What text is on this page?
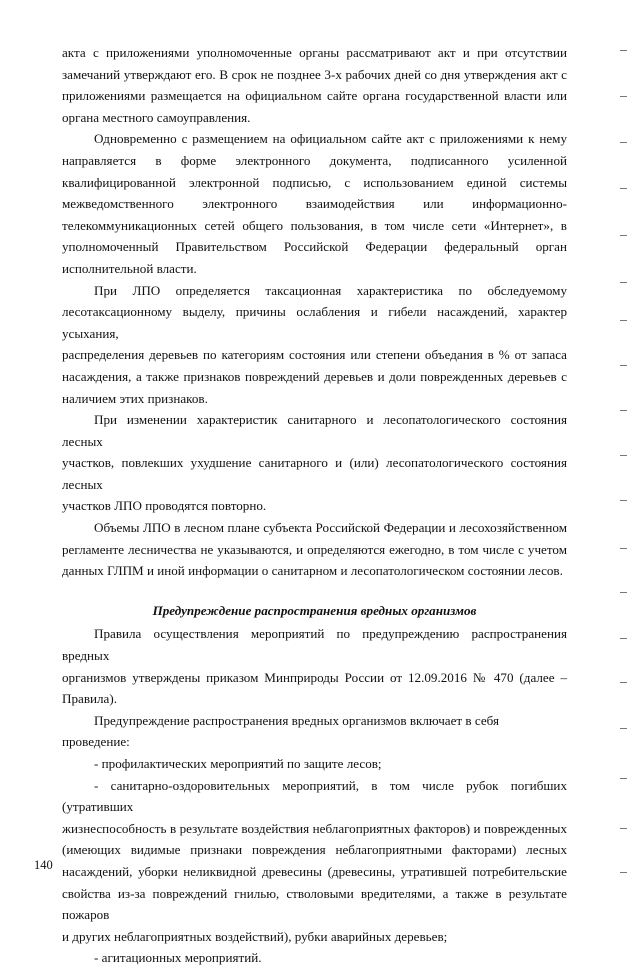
акта с приложениями уполномоченные органы рассматривают акт и при отсутствии

замечаний утверждают его. В срок не позднее 3-х рабочих дней со дня утверждения акт с

приложениями размещается на официальном сайте органа государственной власти или

органа местного самоуправления.

Одновременно с размещением на официальном сайте акт с приложениями к нему

направляется в форме электронного документа, подписанного усиленной

квалифицированной электронной подписью, с использованием единой системы

межведомственного электронного взаимодействия или информационно-

телекоммуникационных сетей общего пользования, в том числе сети «Интернет», в

уполномоченный Правительством Российской Федерации федеральный орган

исполнительной власти.

При ЛПО определяется таксационная характеристика по обследуемому

лесотаксационному выделу, причины ослабления и гибели насаждений, характер усыхания,

распределения деревьев по категориям состояния или степени объедания в % от запаса

насаждения, а также признаков повреждений деревьев и доли поврежденных деревьев с

наличием этих признаков.

При изменении характеристик санитарного и лесопатологического состояния лесных

участков, повлекших ухудшение санитарного и (или) лесопатологического состояния лесных

участков ЛПО проводятся повторно.

Объемы ЛПО в лесном плане субъекта Российской Федерации и лесохозяйственном

регламенте лесничества не указываются, и определяются ежегодно, в том числе с учетом

данных ГЛПМ и иной информации о санитарном и лесопатологическом состоянии лесов.

Предупреждение распространения вредных организмов

Правила осуществления мероприятий по предупреждению распространения вредных

организмов утверждены приказом Минприроды России от 12.09.2016 № 470 (далее –

Правила).

Предупреждение распространения вредных организмов включает в себя проведение:

- профилактических мероприятий по защите лесов;

- санитарно-оздоровительных мероприятий, в том числе рубок погибших (утративших

жизнеспособность в результате воздействия неблагоприятных факторов) и поврежденных

(имеющих видимые признаки повреждения неблагоприятными факторами) лесных

насаждений, уборки неликвидной древесины (древесины, утратившей потребительские

свойства из-за повреждений гнилью, стволовыми вредителями, а также в результате пожаров

и других неблагоприятных воздействий), рубки аварийных деревьев;

- агитационных мероприятий.

140
